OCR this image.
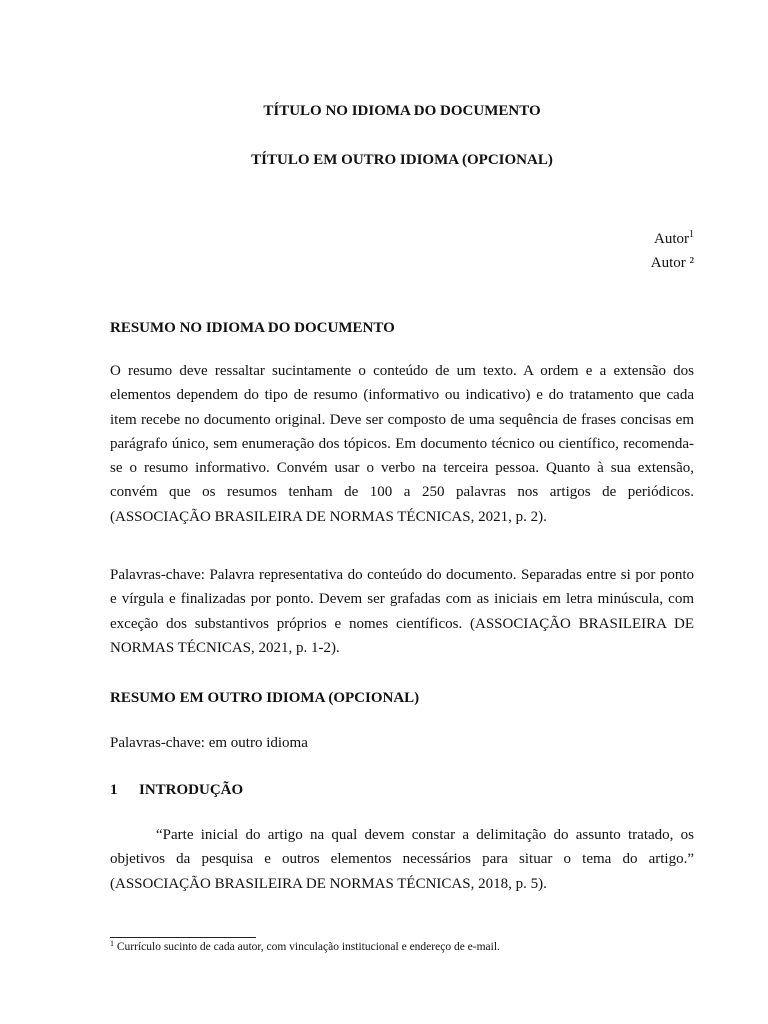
TÍTULO NO IDIOMA DO DOCUMENTO
TÍTULO EM OUTRO IDIOMA (OPCIONAL)
Autor$^1$
Autor ²
RESUMO NO IDIOMA DO DOCUMENTO

O resumo deve ressaltar sucintamente o conteúdo de um texto. A ordem e a extensão dos elementos dependem do tipo de resumo (informativo ou indicativo) e do tratamento que cada item recebe no documento original. Deve ser composto de uma sequência de frases concisas em parágrafo único, sem enumeração dos tópicos. Em documento técnico ou científico, recomenda-se o resumo informativo. Convém usar o verbo na terceira pessoa. Quanto à sua extensão, convém que os resumos tenham de 100 a 250 palavras nos artigos de periódicos. (ASSOCIAÇÃO BRASILEIRA DE NORMAS TÉCNICAS, 2021, p. 2).

Palavras-chave: Palavra representativa do conteúdo do documento. Separadas entre si por ponto e vírgula e finalizadas por ponto. Devem ser grafadas com as iniciais em letra minúscula, com exceção dos substantivos próprios e nomes científicos. (ASSOCIAÇÃO BRASILEIRA DE NORMAS TÉCNICAS, 2021, p. 1-2).

RESUMO EM OUTRO IDIOMA (OPCIONAL)

Palavras-chave: em outro idioma

1 INTRODUÇÃO

“Parte inicial do artigo na qual devem constar a delimitação do assunto tratado, os objetivos da pesquisa e outros elementos necessários para situar o tema do artigo.” (ASSOCIAÇÃO BRASILEIRA DE NORMAS TÉCNICAS, 2018, p. 5).

$^1$ Currículo sucinto de cada autor, com vinculação institucional e endereço de e-mail.
